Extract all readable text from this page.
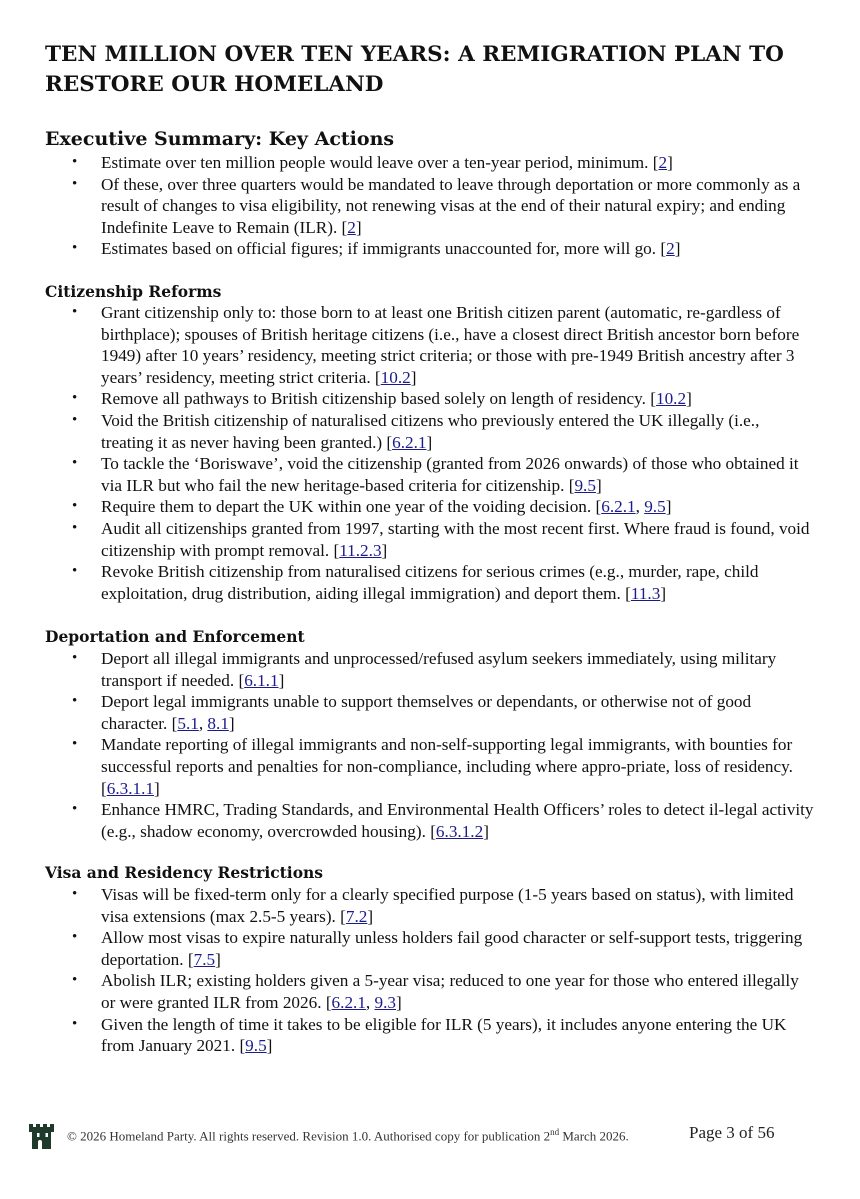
TEN MILLION OVER TEN YEARS: A REMIGRATION PLAN TO RESTORE OUR HOMELAND
Executive Summary: Key Actions
• Estimate over ten million people would leave over a ten-year period, minimum. [2]
• Of these, over three quarters would be mandated to leave through deportation or more commonly as a result of changes to visa eligibility, not renewing visas at the end of their natural expiry; and ending Indefinite Leave to Remain (ILR). [2]
• Estimates based on official figures; if immigrants unaccounted for, more will go. [2]
Citizenship Reforms
• Grant citizenship only to: those born to at least one British citizen parent (automatic, re-gardless of birthplace); spouses of British heritage citizens (i.e., have a closest direct British ancestor born before 1949) after 10 years’ residency, meeting strict criteria; or those with pre-1949 British ancestry after 3 years’ residency, meeting strict criteria. [10.2]
• Remove all pathways to British citizenship based solely on length of residency. [10.2]
• Void the British citizenship of naturalised citizens who previously entered the UK illegally (i.e., treating it as never having been granted.) [6.2.1]
• To tackle the ‘Boriswave’, void the citizenship (granted from 2026 onwards) of those who obtained it via ILR but who fail the new heritage-based criteria for citizenship. [9.5]
• Require them to depart the UK within one year of the voiding decision. [6.2.1, 9.5]
• Audit all citizenships granted from 1997, starting with the most recent first. Where fraud is found, void citizenship with prompt removal. [11.2.3]
• Revoke British citizenship from naturalised citizens for serious crimes (e.g., murder, rape, child exploitation, drug distribution, aiding illegal immigration) and deport them. [11.3]
Deportation and Enforcement
• Deport all illegal immigrants and unprocessed/refused asylum seekers immediately, using military transport if needed. [6.1.1]
• Deport legal immigrants unable to support themselves or dependants, or otherwise not of good character. [5.1, 8.1]
• Mandate reporting of illegal immigrants and non-self-supporting legal immigrants, with bounties for successful reports and penalties for non-compliance, including where appro-priate, loss of residency. [6.3.1.1]
• Enhance HMRC, Trading Standards, and Environmental Health Officers’ roles to detect il-legal activity (e.g., shadow economy, overcrowded housing). [6.3.1.2]
Visa and Residency Restrictions
• Visas will be fixed-term only for a clearly specified purpose (1-5 years based on status), with limited visa extensions (max 2.5-5 years). [7.2]
• Allow most visas to expire naturally unless holders fail good character or self-support tests, triggering deportation. [7.5]
• Abolish ILR; existing holders given a 5-year visa; reduced to one year for those who entered illegally or were granted ILR from 2026. [6.2.1, 9.3]
• Given the length of time it takes to be eligible for ILR (5 years), it includes anyone entering the UK from January 2021. [9.5]
© 2026 Homeland Party. All rights reserved. Revision 1.0. Authorised copy for publication 2nd March 2026.	Page 3 of 56
